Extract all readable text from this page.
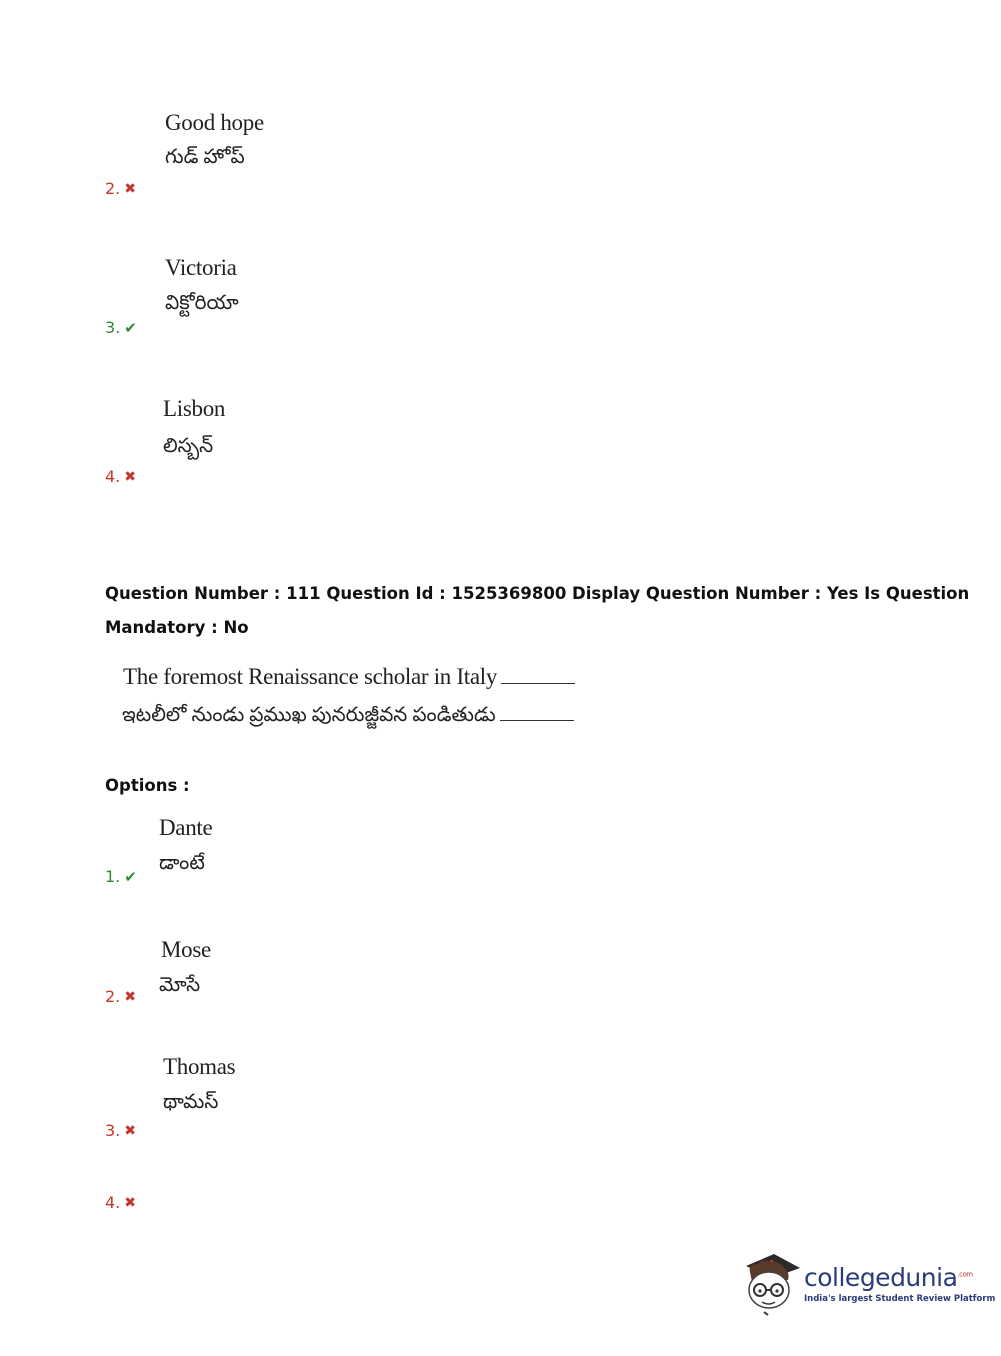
Good hope
గుడ్ హోప్
2. ✖
Victoria
విక్టోరియా
3. ✔
Lisbon
లిస్బన్
4. ✖
Question Number : 111 Question Id : 1525369800 Display Question Number : Yes Is Question
Mandatory : No
The foremost Renaissance scholar in Italy
ఇటలీలో నుండు ప్రముఖ పునరుజ్జీవన పండితుడు
Options :
Dante
డాంటే
1. ✔
Mose
మోసే
2. ✖
Thomas
థామస్
3. ✖
4. ✖
collegedunia$^{.com}$
India's largest Student Review Platform
